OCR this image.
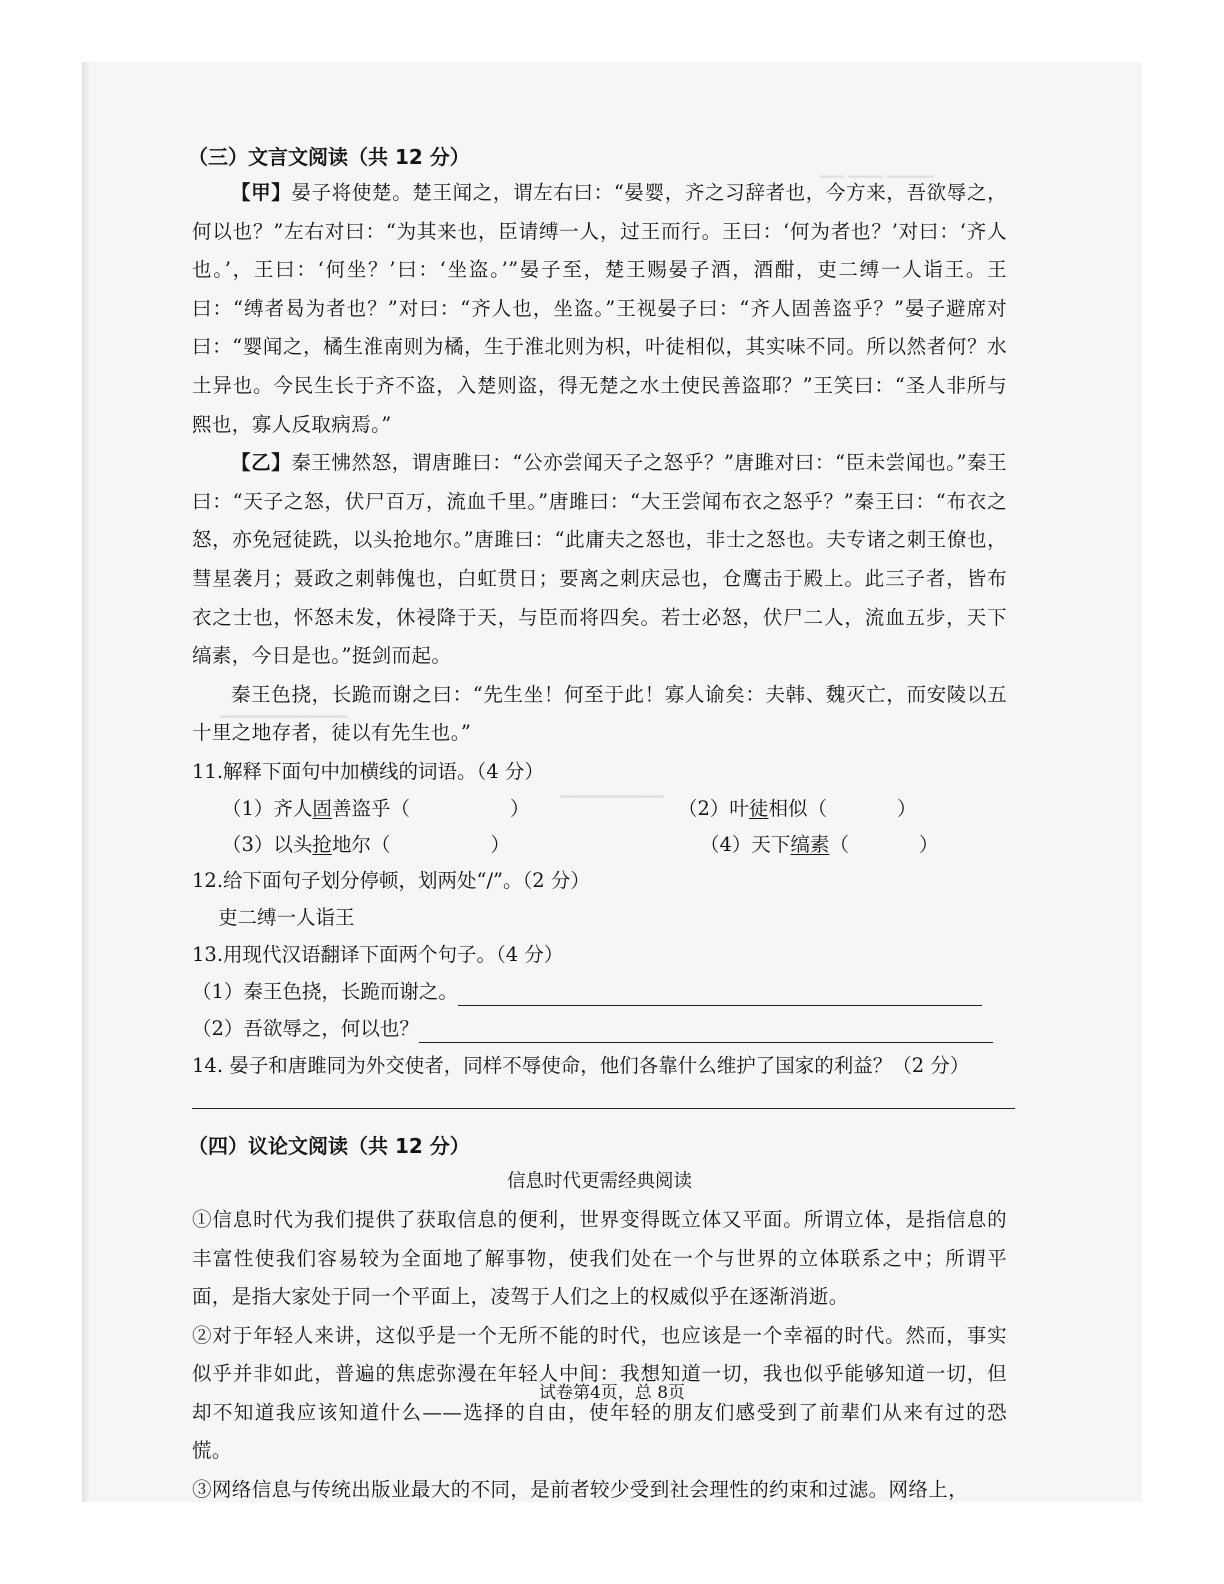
▁▁ ▁▁▁ ▁▁▁▁
▁▁▁▁▁▁▁▁▁▁▁
▁▁▁▁▁▁▁▁▁
（三）文言文阅读（共 12 分）
【甲】晏子将使楚。楚王闻之，谓左右曰：“晏婴，齐之习辞者也，今方来，吾欲辱之，何以也？”左右对曰：“为其来也，臣请缚一人，过王而行。王曰：‘何为者也？’对曰：‘齐人也。’，王曰：‘何坐？’曰：‘坐盗。’”晏子至，楚王赐晏子酒，酒酣，吏二缚一人诣王。王曰：“缚者曷为者也？”对曰：“齐人也，坐盗。”王视晏子曰：“齐人固善盗乎？”晏子避席对曰：“婴闻之，橘生淮南则为橘，生于淮北则为枳，叶徒相似，其实味不同。所以然者何？水土异也。今民生长于齐不盗，入楚则盗，得无楚之水土使民善盗耶？”王笑曰：“圣人非所与熙也，寡人反取病焉。”
【乙】秦王怫然怒，谓唐雎曰：“公亦尝闻天子之怒乎？”唐雎对曰：“臣未尝闻也。”秦王曰：“天子之怒，伏尸百万，流血千里。”唐雎曰：“大王尝闻布衣之怒乎？”秦王曰：“布衣之怒，亦免冠徒跣，以头抢地尔。”唐雎曰：“此庸夫之怒也，非士之怒也。夫专诸之刺王僚也，彗星袭月；聂政之刺韩傀也，白虹贯日；要离之刺庆忌也，仓鹰击于殿上。此三子者，皆布衣之士也，怀怒未发，休祲降于天，与臣而将四矣。若士必怒，伏尸二人，流血五步，天下缟素，今日是也。”挺剑而起。
秦王色挠，长跪而谢之曰：“先生坐！何至于此！寡人谕矣：夫韩、魏灭亡，而安陵以五十里之地存者，徒以有先生也。”
11.解释下面句中加横线的词语。（4 分）
（1）齐人固善盗乎（	）	（2）叶徒相似（	）
（3）以头抢地尔（	）	（4）天下缟素（	）
12.给下面句子划分停顿，划两处“/”。（2 分）
吏二缚一人诣王
13.用现代汉语翻译下面两个句子。（4 分）
（1）秦王色挠，长跪而谢之。
（2）吾欲辱之，何以也？
14. 晏子和唐雎同为外交使者，同样不辱使命，他们各靠什么维护了国家的利益？（2 分）
（四）议论文阅读（共 12 分）
信息时代更需经典阅读
①信息时代为我们提供了获取信息的便利，世界变得既立体又平面。所谓立体，是指信息的丰富性使我们容易较为全面地了解事物，使我们处在一个与世界的立体联系之中；所谓平面，是指大家处于同一个平面上，凌驾于人们之上的权威似乎在逐渐消逝。
②对于年轻人来讲，这似乎是一个无所不能的时代，也应该是一个幸福的时代。然而，事实似乎并非如此，普遍的焦虑弥漫在年轻人中间：我想知道一切，我也似乎能够知道一切，但却不知道我应该知道什么——选择的自由，使年轻的朋友们感受到了前辈们从来有过的恐慌。
③网络信息与传统出版业最大的不同，是前者较少受到社会理性的约束和过滤。网络上，
试卷第4页，总 8页
